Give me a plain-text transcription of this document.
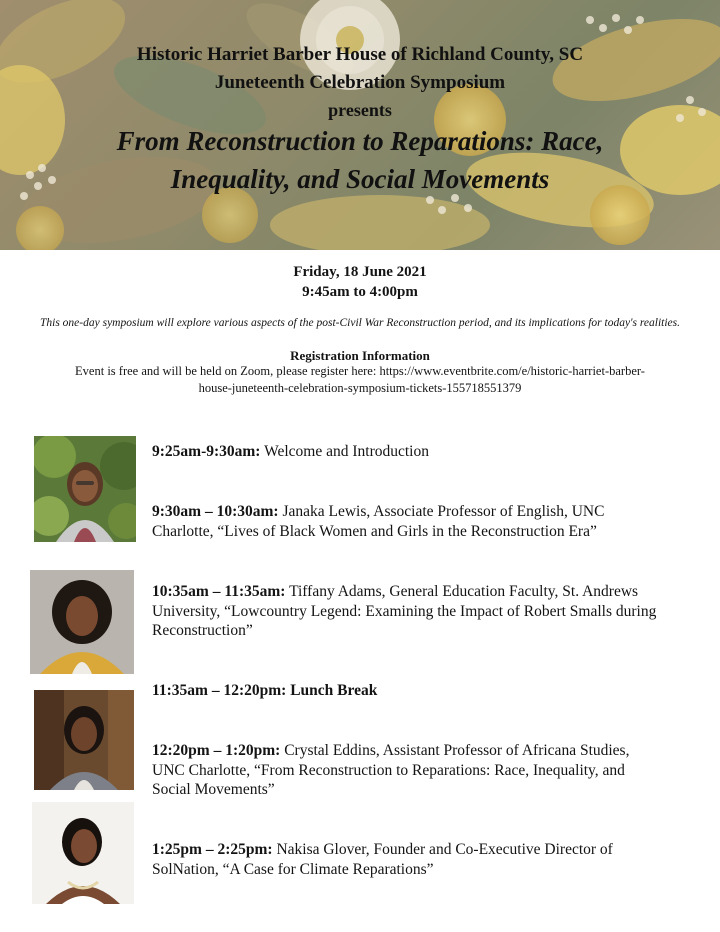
Historic Harriet Barber House of Richland County, SC
Juneteenth Celebration Symposium
presents
From Reconstruction to Reparations: Race,
Inequality, and Social Movements
Friday, 18 June 2021
9:45am to 4:00pm
This one-day symposium will explore various aspects of the post-Civil War Reconstruction period, and its implications for today's realities.
Registration Information
Event is free and will be held on Zoom, please register here: https://www.eventbrite.com/e/historic-harriet-barber-
house-juneteenth-celebration-symposium-tickets-155718551379
9:25am-9:30am: Welcome and Introduction
9:30am – 10:30am: Janaka Lewis, Associate Professor of English, UNC
Charlotte, “Lives of Black Women and Girls in the Reconstruction Era”
10:35am – 11:35am: Tiffany Adams, General Education Faculty, St. Andrews
University, “Lowcountry Legend: Examining the Impact of Robert Smalls during
Reconstruction”
11:35am – 12:20pm: Lunch Break
12:20pm – 1:20pm: Crystal Eddins, Assistant Professor of Africana Studies,
UNC Charlotte, “From Reconstruction to Reparations: Race, Inequality, and
Social Movements”
1:25pm – 2:25pm: Nakisa Glover, Founder and Co-Executive Director of
SolNation, “A Case for Climate Reparations”
